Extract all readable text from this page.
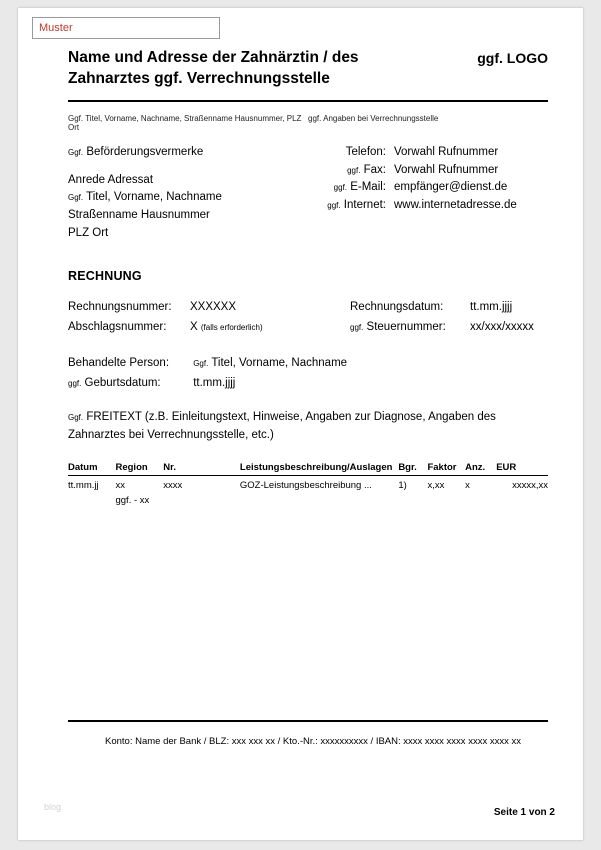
Muster
Name und Adresse der Zahnärztin / des Zahnarztes ggf. Verrechnungsstelle
ggf. LOGO
Ggf. Titel, Vorname, Nachname, Straßenname Hausnummer, PLZ Ort
ggf. Angaben bei Verrechnungsstelle
Ggf. Beförderungsvermerke
Anrede Adressat
Ggf. Titel, Vorname, Nachname
Straßenname Hausnummer
PLZ Ort
Telefon: Vorwahl Rufnummer
ggf. Fax: Vorwahl Rufnummer
ggf. E-Mail: empfänger@dienst.de
ggf. Internet: www.internetadresse.de
RECHNUNG
Rechnungsnummer:	XXXXXX	Rechnungsdatum:	tt.mm.jjjj
Abschlagsnummer:	X (falls erforderlich)	ggf. Steuernummer:	xx/xxx/xxxxx
Behandelte Person:	Ggf. Titel, Vorname, Nachname
ggf. Geburtsdatum:	tt.mm.jjjj
Ggf. FREITEXT (z.B. Einleitungstext, Hinweise, Angaben zur Diagnose, Angaben des Zahnarztes bei Verrechnungsstelle, etc.)
Datum	Region	Nr.	Leistungsbeschreibung/Auslagen	Bgr.	Faktor	Anz.	EUR
tt.mm.jj	xx	xxxx	GOZ-Leistungsbeschreibung ...	1)	x,xx	x	xxxxx,xx
	ggf. - xx						
Konto: Name der Bank / BLZ: xxx xxx xx / Kto.-Nr.: xxxxxxxxxx / IBAN: xxxx xxxx xxxx xxxx xxxx xx
Seite 1 von 2
blog
